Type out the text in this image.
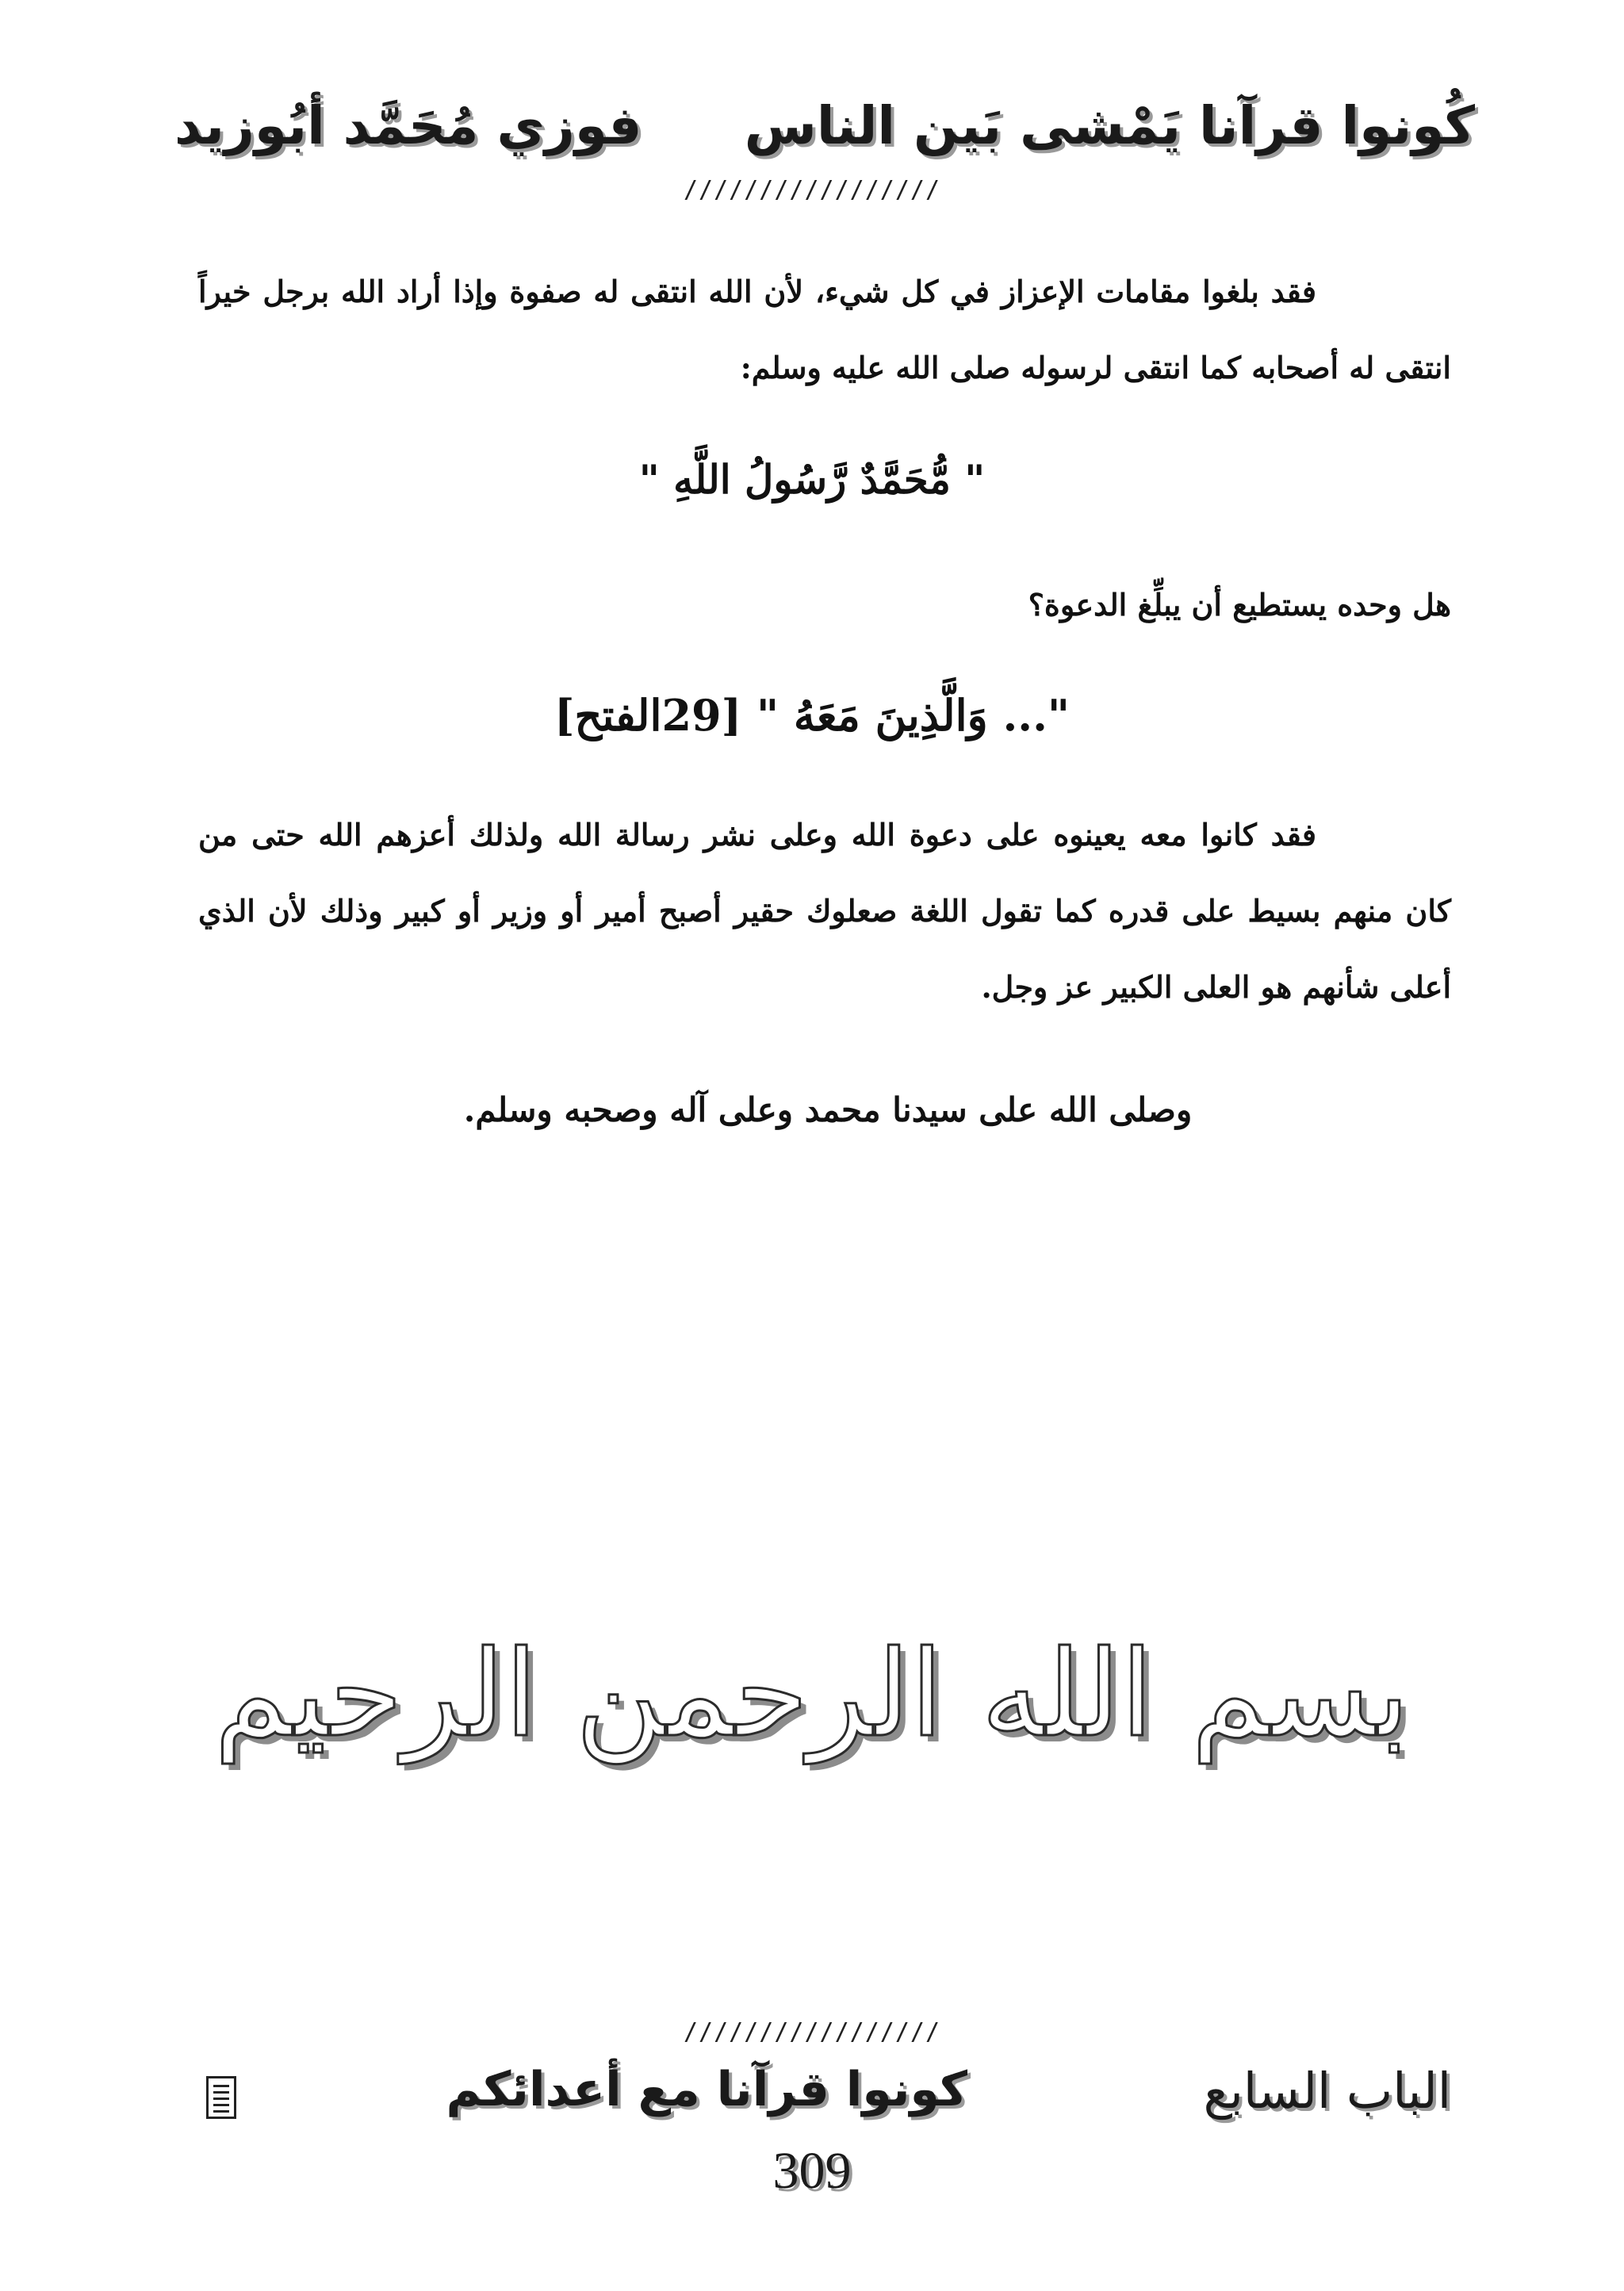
كُونوا قرآنا يَمْشى بَين الناس
فوزي مُحَمَّد أبُوزيد
/////////////////
فقد بلغوا مقامات الإعزاز في كل شيء، لأن الله انتقى له صفوة وإذا أراد الله برجل خيراً انتقى له أصحابه كما انتقى لرسوله صلى الله عليه وسلم:
" مُّحَمَّدٌ رَّسُولُ اللَّهِ "
هل وحده يستطيع أن يبلِّغ الدعوة؟
"... وَالَّذِينَ مَعَهُ " [29الفتح]
فقد كانوا معه يعينوه على دعوة الله وعلى نشر رسالة الله ولذلك أعزهم الله حتى من كان منهم بسيط على قدره كما تقول اللغة صعلوك حقير أصبح أمير أو وزير أو كبير وذلك لأن الذي أعلى شأنهم هو العلى الكبير عز وجل.
وصلى الله على سيدنا محمد وعلى آله وصحبه وسلم.
بسم الله الرحمن الرحيم
/////////////////
الباب السابع
كونوا قرآنا مع أعدائكم
309
